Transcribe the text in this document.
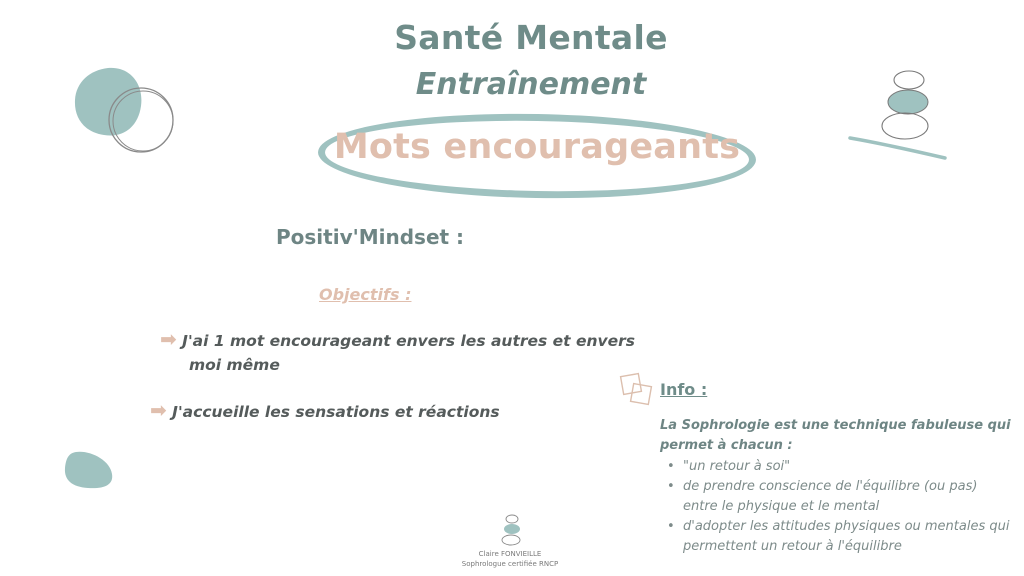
Santé Mentale
Entraînement
Mots encourageants
Positiv'Mindset :
Objectifs :
➡ J'ai 1 mot encourageant envers les autres et envers
moi même
➡ J'accueille les sensations et réactions
Info :
La Sophrologie est une technique fabuleuse qui
permet à chacun :
• "un retour à soi"
• de prendre conscience de l'équilibre (ou pas)
entre le physique et le mental
• d'adopter les attitudes physiques ou mentales qui
permettent un retour à l'équilibre
Claire FONVIEILLE
Sophrologue certifiée RNCP
